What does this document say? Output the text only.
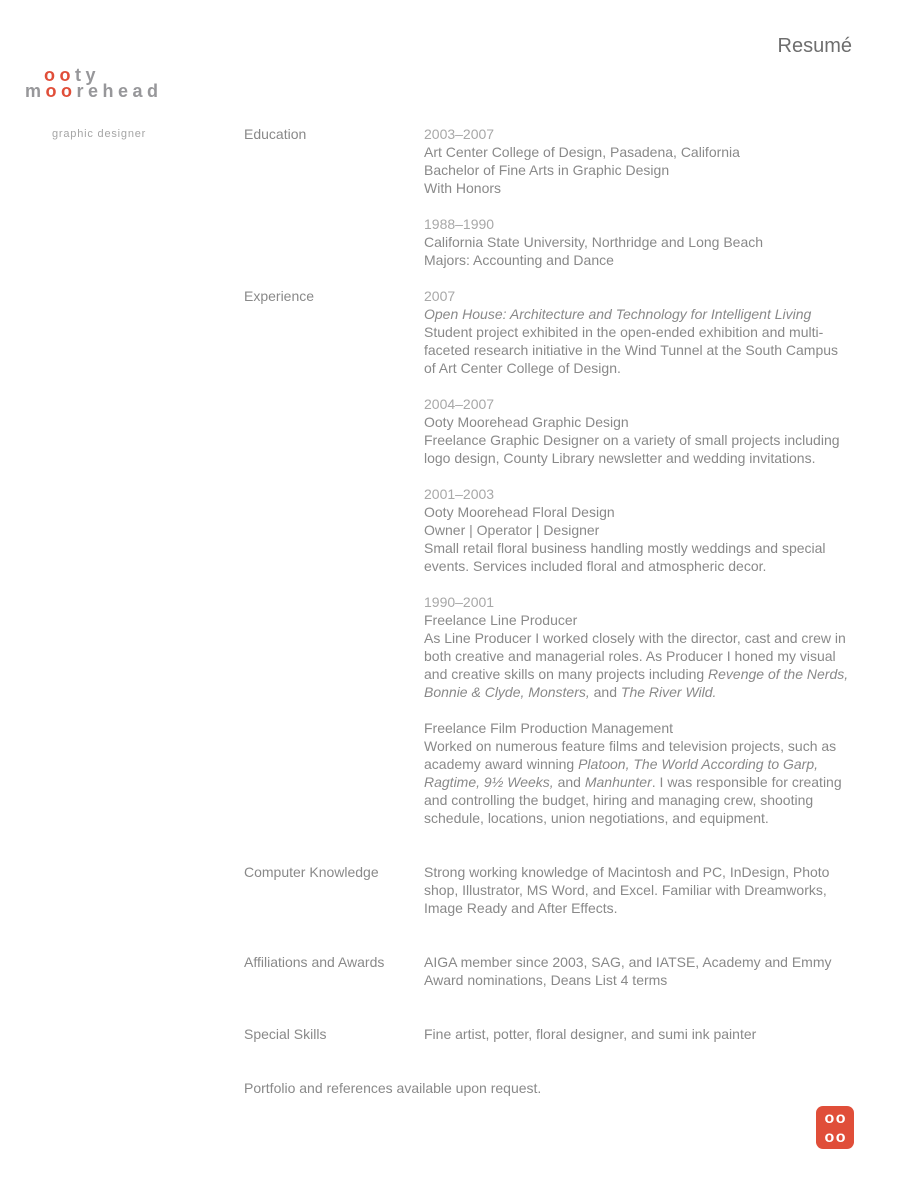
Resumé
ooty
moorehead
graphic designer	Education	2003–2007
Art Center College of Design, Pasadena, California
Bachelor of Fine Arts in Graphic Design
With Honors
1988–1990
California State University, Northridge and Long Beach
Majors: Accounting and Dance
Experience	2007
Open House: Architecture and Technology for Intelligent Living
Student project exhibited in the open-ended exhibition and multi-
faceted research initiative in the Wind Tunnel at the South Campus
of Art Center College of Design.
2004–2007
Ooty Moorehead Graphic Design
Freelance Graphic Designer on a variety of small projects including
logo design, County Library newsletter and wedding invitations.
2001–2003
Ooty Moorehead Floral Design
Owner | Operator | Designer
Small retail floral business handling mostly weddings and special
events. Services included floral and atmospheric decor.
1990–2001
Freelance Line Producer
As Line Producer I worked closely with the director, cast and crew in
both creative and managerial roles. As Producer I honed my visual
and creative skills on many projects including Revenge of the Nerds,
Bonnie & Clyde, Monsters, and The River Wild.
Freelance Film Production Management
Worked on numerous feature films and television projects, such as
academy award winning Platoon, The World According to Garp,
Ragtime, 9½ Weeks, and Manhunter. I was responsible for creating
and controlling the budget, hiring and managing crew, shooting
schedule, locations, union negotiations, and equipment.
Computer Knowledge	Strong working knowledge of Macintosh and PC, InDesign, Photo
shop, Illustrator, MS Word, and Excel. Familiar with Dreamworks,
Image Ready and After Effects.
Affiliations and Awards	AIGA member since 2003, SAG, and IATSE, Academy and Emmy
Award nominations, Deans List 4 terms
Special Skills	Fine artist, potter, floral designer, and sumi ink painter
Portfolio and references available upon request.
oo
oo
